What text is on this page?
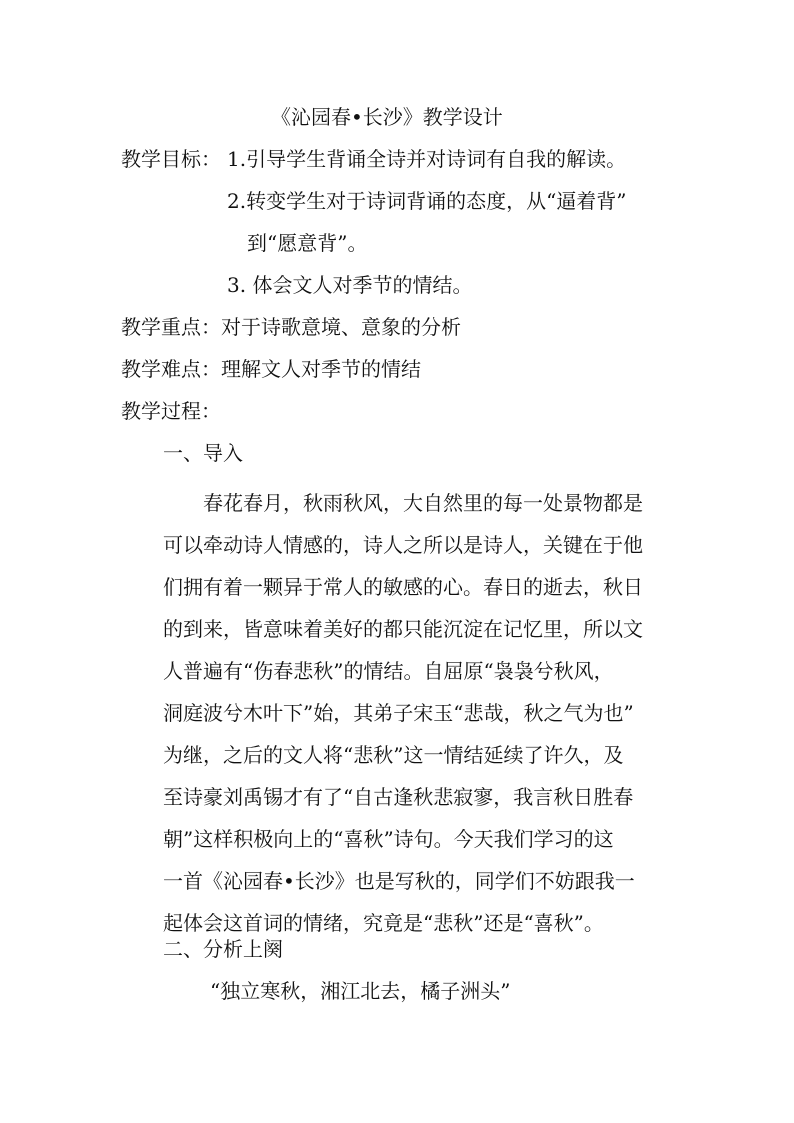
《沁园春•长沙》教学设计
教学目标： 1.引导学生背诵全诗并对诗词有自我的解读。
2.转变学生对于诗词背诵的态度，从“逼着背”
到“愿意背”。
3. 体会文人对季节的情结。
教学重点：对于诗歌意境、意象的分析
教学难点：理解文人对季节的情结
教学过程：
一、导入
春花春月，秋雨秋风，大自然里的每一处景物都是
可以牵动诗人情感的，诗人之所以是诗人，关键在于他
们拥有着一颗异于常人的敏感的心。春日的逝去，秋日
的到来，皆意味着美好的都只能沉淀在记忆里，所以文
人普遍有“伤春悲秋”的情结。自屈原“袅袅兮秋风，
洞庭波兮木叶下”始，其弟子宋玉“悲哉，秋之气为也”
为继，之后的文人将“悲秋”这一情结延续了许久，及
至诗豪刘禹锡才有了“自古逢秋悲寂寥，我言秋日胜春
朝”这样积极向上的“喜秋”诗句。今天我们学习的这
一首《沁园春•长沙》也是写秋的，同学们不妨跟我一
起体会这首词的情绪，究竟是“悲秋”还是“喜秋”。
二、分析上阕
“独立寒秋，湘江北去，橘子洲头”
